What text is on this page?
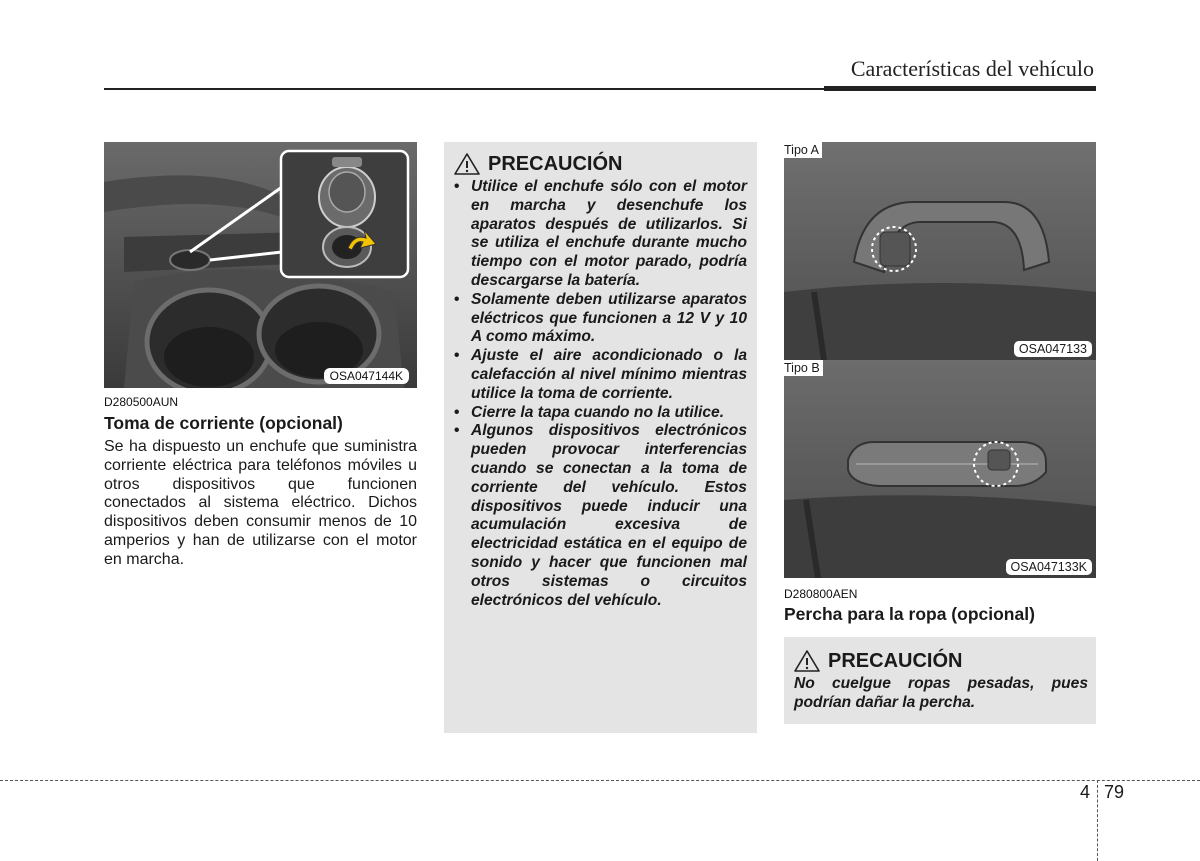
Características del vehículo
OSA047144K
D280500AUN
Toma de corriente (opcional)

Se ha dispuesto un enchufe que suministra corriente eléctrica para teléfonos móviles u otros dispositivos que funcionen conectados al sistema eléctrico. Dichos dispositivos deben consumir menos de 10 amperios y han de utilizarse con el motor en marcha.

PRECAUCIÓN
• Utilice el enchufe sólo con el motor en marcha y desenchufe los aparatos después de utilizarlos. Si se utiliza el enchufe durante mucho tiempo con el motor parado, podría descargarse la batería.
• Solamente deben utilizarse aparatos eléctricos que funcionen a 12 V y 10 A como máximo.
• Ajuste el aire acondicionado o la calefacción al nivel mínimo mientras utilice la toma de corriente.
• Cierre la tapa cuando no la utilice.
• Algunos dispositivos electrónicos pueden provocar interferencias cuando se conectan a la toma de corriente del vehículo. Estos dispositivos puede inducir una acumulación excesiva de electricidad estática en el equipo de sonido y hacer que funcionen mal otros sistemas o circuitos electrónicos del vehículo.
Tipo A
OSA047133
Tipo B
OSA047133K
D280800AEN
Percha para la ropa (opcional)
PRECAUCIÓN

No cuelgue ropas pesadas, pues podrían dañar la percha.

4 79
